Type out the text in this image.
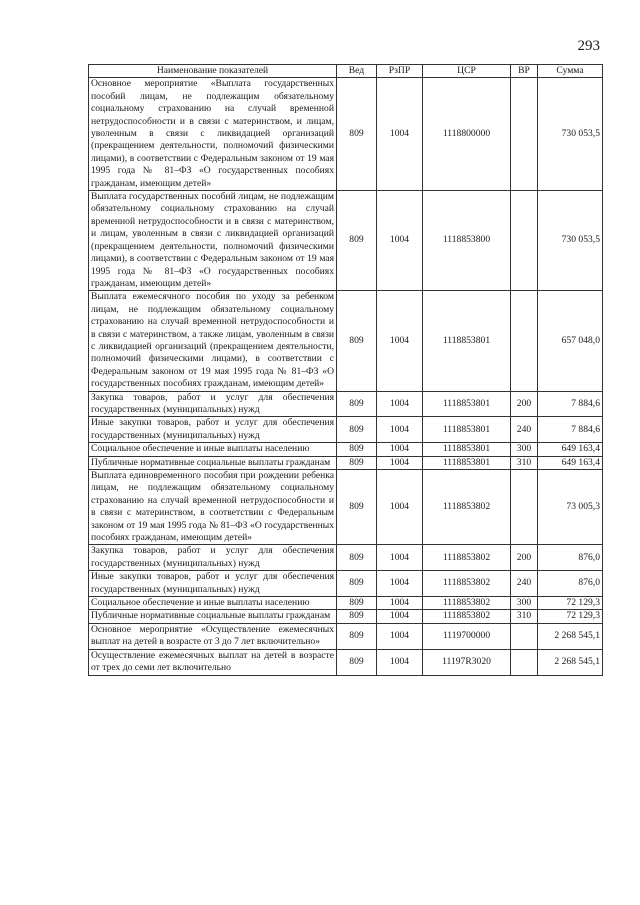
293
Наименование показателей	Вед	РзПР	ЦСР	ВР	Сумма
Основное мероприятие «Выплата государственных пособий лицам, не подлежащим обязательному социальному страхованию на случай временной нетрудоспособности и в связи с материнством, и лицам, уволенным в связи с ликвидацией организаций (прекращением деятельности, полномочий физическими лицами), в соответствии с Федеральным законом от 19 мая 1995 года № 81–ФЗ «О государственных пособиях гражданам, имеющим детей»	809	1004	1118800000		730 053,5
Выплата государственных пособий лицам, не подлежащим обязательному социальному страхованию на случай временной нетрудоспособности и в связи с материнством, и лицам, уволенным в связи с ликвидацией организаций (прекращением деятельности, полномочий физическими лицами), в соответствии с Федеральным законом от 19 мая 1995 года № 81–ФЗ «О государственных пособиях гражданам, имеющим детей»	809	1004	1118853800		730 053,5
Выплата ежемесячного пособия по уходу за ребенком лицам, не подлежащим обязательному социальному страхованию на случай временной нетрудоспособности и в связи с материнством, а также лицам, уволенным в связи с ликвидацией организаций (прекращением деятельности, полномочий физическими лицами), в соответствии с Федеральным законом от 19 мая 1995 года № 81–ФЗ «О государственных пособиях гражданам, имеющим детей»	809	1004	1118853801		657 048,0
Закупка товаров, работ и услуг для обеспечения государственных (муниципальных) нужд	809	1004	1118853801	200	7 884,6
Иные закупки товаров, работ и услуг для обеспечения государственных (муниципальных) нужд	809	1004	1118853801	240	7 884,6
Социальное обеспечение и иные выплаты населению	809	1004	1118853801	300	649 163,4
Публичные нормативные социальные выплаты гражданам	809	1004	1118853801	310	649 163,4
Выплата единовременного пособия при рождении ребенка лицам, не подлежащим обязательному социальному страхованию на случай временной нетрудоспособности и в связи с материнством, в соответствии с Федеральным законом от 19 мая 1995 года № 81–ФЗ «О государственных пособиях гражданам, имеющим детей»	809	1004	1118853802		73 005,3
Закупка товаров, работ и услуг для обеспечения государственных (муниципальных) нужд	809	1004	1118853802	200	876,0
Иные закупки товаров, работ и услуг для обеспечения государственных (муниципальных) нужд	809	1004	1118853802	240	876,0
Социальное обеспечение и иные выплаты населению	809	1004	1118853802	300	72 129,3
Публичные нормативные социальные выплаты гражданам	809	1004	1118853802	310	72 129,3
Основное мероприятие «Осуществление ежемесячных выплат на детей в возрасте от 3 до 7 лет включительно»	809	1004	1119700000		2 268 545,1
Осуществление ежемесячных выплат на детей в возрасте от трех до семи лет включительно	809	1004	11197R3020		2 268 545,1
